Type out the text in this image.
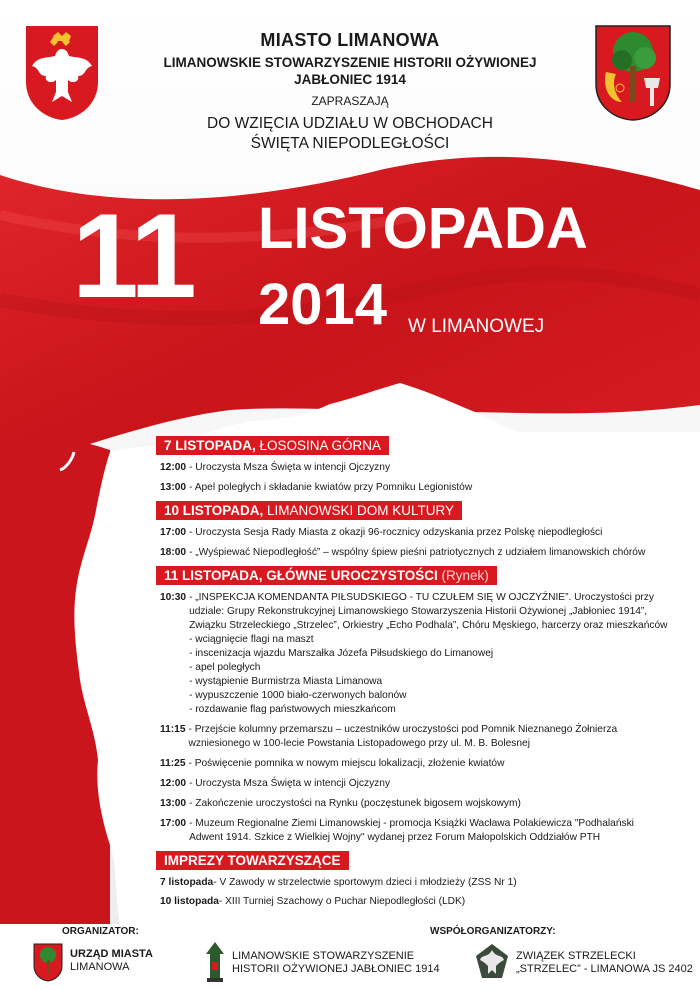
MIASTO LIMANOWA
LIMANOWSKIE STOWARZYSZENIE HISTORII OŻYWIONEJ
JABŁONIEC 1914
ZAPRASZAJĄ
DO WZIĘCIA UDZIAŁU W OBCHODACH
ŚWIĘTA NIEPODLEGŁOŚCI
11 LISTOPADA
2014 W LIMANOWEJ
7 LISTOPADA, ŁOSOSINA GÓRNA
12:00 - Uroczysta Msza Święta w intencji Ojczyzny
13:00 - Apel poległych i składanie kwiatów przy Pomniku Legionistów
10 LISTOPADA, LIMANOWSKI DOM KULTURY
17:00 - Uroczysta Sesja Rady Miasta z okazji 96-rocznicy odzyskania przez Polskę niepodległości
18:00 - „Wyśpiewać Niepodległość” – wspólny śpiew pieśni patriotycznych z udziałem limanowskich chórów
11 LISTOPADA, GŁÓWNE UROCZYSTOŚCI (Rynek)
10:30 - „INSPEKCJA KOMENDANTA PIŁSUDSKIEGO - TU CZUŁEM SIĘ W OJCZYŹNIE”. Uroczystości przy
udziale: Grupy Rekonstrukcyjnej Limanowskiego Stowarzyszenia Historii Ożywionej „Jabłoniec 1914”,
Związku Strzeleckiego „Strzelec”, Orkiestry „Echo Podhala”, Chóru Męskiego, harcerzy oraz mieszkańców
- wciągnięcie flagi na maszt
- inscenizacja wjazdu Marszałka Józefa Piłsudskiego do Limanowej
- apel poległych
- wystąpienie Burmistrza Miasta Limanowa
- wypuszczenie 1000 biało-czerwonych balonów
- rozdawanie flag państwowych mieszkańcom
11:15 - Przejście kolumny przemarszu – uczestników uroczystości pod Pomnik Nieznanego Żołnierza
wzniesionego w 100-lecie Powstania Listopadowego przy ul. M. B. Bolesnej
11:25 - Poświęcenie pomnika w nowym miejscu lokalizacji, złożenie kwiatów
12:00 - Uroczysta Msza Święta w intencji Ojczyzny
13:00 - Zakończenie uroczystości na Rynku (poczęstunek bigosem wojskowym)
17:00 - Muzeum Regionalne Ziemi Limanowskiej - promocja Książki Wacława Polakiewicza "Podhalański
Adwent 1914. Szkice z Wielkiej Wojny" wydanej przez Forum Małopolskich Oddziałów PTH
IMPREZY TOWARZYSZĄCE
7 listopada - V Zawody w strzelectwie sportowym dzieci i młodzieży (ZSS Nr 1)
10 listopada - XIII Turniej Szachowy o Puchar Niepodległości (LDK)
ORGANIZATOR:	WSPÓŁORGANIZATORZY:
URZĄD MIASTA
LIMANOWA
LIMANOWSKIE STOWARZYSZENIE
HISTORII OŻYWIONEJ JABŁONIEC 1914
ZWIĄZEK STRZELECKI
„STRZELEC” - LIMANOWA JS 2402
